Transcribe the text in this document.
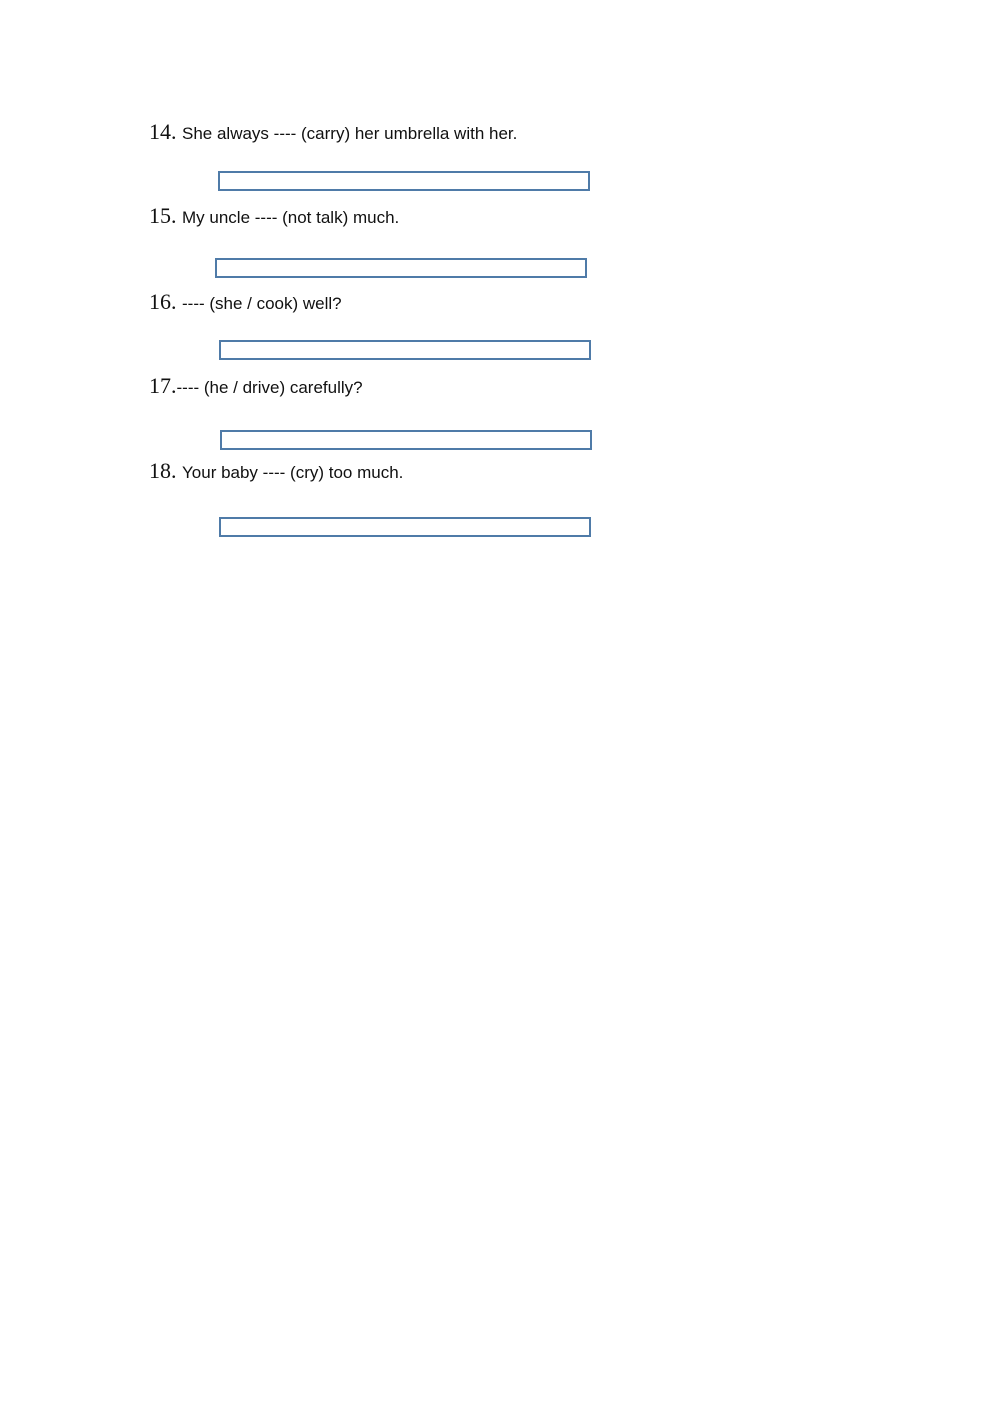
14. She always ---- (carry) her umbrella with her.
15. My uncle ---- (not talk) much.
16. ---- (she / cook) well?
17.---- (he / drive) carefully?
18. Your baby ---- (cry) too much.
